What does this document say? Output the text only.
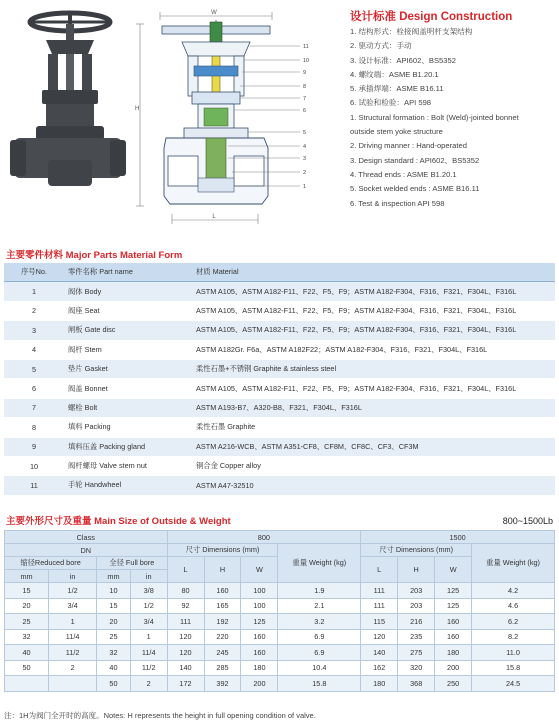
W
H
L
11
10
9
8
7
6
5
4
3
2
1
设计标准 Design Construction
1. 结构形式：栓接阀盖明杆支架结构
2. 驱动方式：手动
3. 设计标准：API602、BS5352
4. 螺纹端：ASME B1.20.1
5. 承插焊端：ASME B16.11
6. 试验和检验：API 598
1. Structural formation : Bolt (Weld)-jointed bonnet
outside stem yoke structure
2. Driving manner : Hand-operated
3. Design standard : API602、BS5352
4. Thread ends : ASME B1.20.1
5. Socket welded ends : ASME B16.11
6. Test & inspection API 598
主要零件材料 Major Parts Material Form
序号No.	零件名称 Part name	材质 Material
1	阀体 Body	ASTM A105、ASTM A182-F11、F22、F5、F9；ASTM A182-F304、F316、F321、F304L、F316L
2	阀座 Seat	ASTM A105、ASTM A182-F11、F22、F5、F9；ASTM A182-F304、F316、F321、F304L、F316L
3	闸板 Gate disc	ASTM A105、ASTM A182-F11、F22、F5、F9；ASTM A182-F304、F316、F321、F304L、F316L
4	阀杆 Stem	ASTM A182Gr. F6a、ASTM A182F22；ASTM A182-F304、F316、F321、F304L、F316L
5	垫片 Gasket	柔性石墨+不锈钢 Graphite & stainless steel
6	阀盖 Bonnet	ASTM A105、ASTM A182-F11、F22、F5、F9；ASTM A182-F304、F316、F321、F304L、F316L
7	螺栓 Bolt	ASTM A193-B7、A320-B8、F321、F304L、F316L
8	填料 Packing	柔性石墨 Graphite
9	填料压盖 Packing gland	ASTM A216-WCB、ASTM A351-CF8、CF8M、CF8C、CF3、CF3M
10	阀杆螺母 Valve stem nut	铜合金 Copper alloy
11	手轮 Handwheel	ASTM A47-32510
主要外形尺寸及重量 Main Size of Outside & Weight	800~1500Lb
Class				800				1500			
DN				尺寸 Dimensions (mm)			重量 Weight (kg)	尺寸 Dimensions (mm)			重量 Weight (kg)
缩径Reduced bore		全径 Full bore		L	H	W		L	H	W	
mm	in	mm	in								
15	1/2	10	3/8	80	160	100	1.9	111	203	125	4.2
20	3/4	15	1/2	92	165	100	2.1	111	203	125	4.6
25	1	20	3/4	111	192	125	3.2	115	216	160	6.2
32	11/4	25	1	120	220	160	6.9	120	235	160	8.2
40	11/2	32	11/4	120	245	160	6.9	140	275	180	11.0
50	2	40	11/2	140	285	180	10.4	162	320	200	15.8
		50	2	172	392	200	15.8	180	368	250	24.5
注：1H为阀门全开时的高度。Notes: H represents the height in full opening condition of valve.
